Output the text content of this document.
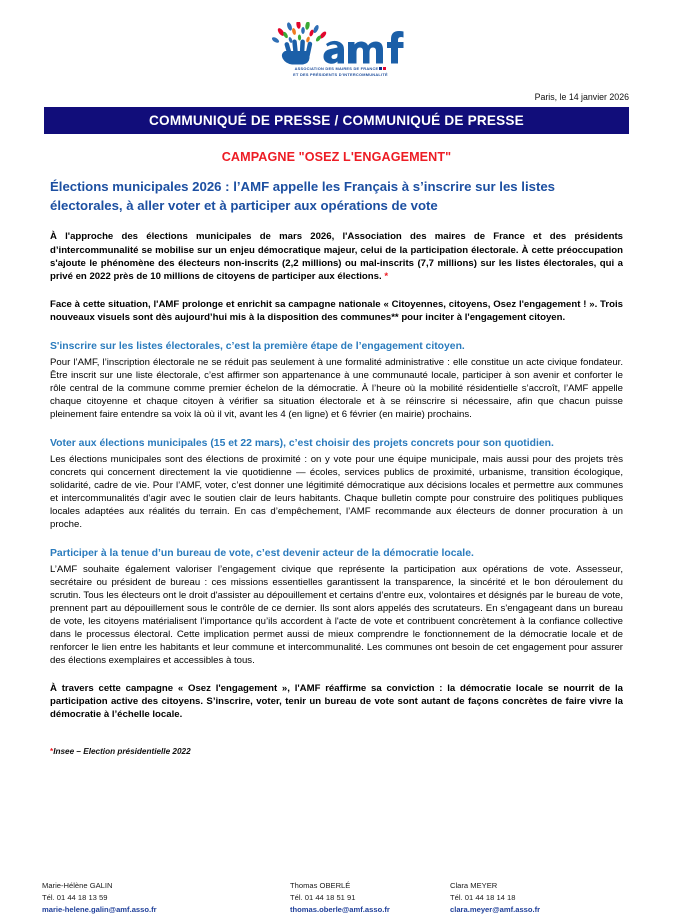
ASSOCIATION DES MAIRES DE FRANCE
ET DES PRÉSIDENTS D'INTERCOMMUNALITÉ
Paris, le 14 janvier 2026
COMMUNIQUÉ DE PRESSE / COMMUNIQUÉ DE PRESSE
CAMPAGNE "OSEZ L'ENGAGEMENT"
Élections municipales 2026 : l’AMF appelle les Français à s’inscrire sur les listes électorales, à aller voter et à participer aux opérations de vote

À l'approche des élections municipales de mars 2026, l'Association des maires de France et des présidents d’intercommunalité se mobilise sur un enjeu démocratique majeur, celui de la participation électorale. À cette préoccupation s'ajoute le phénomène des électeurs non-inscrits (2,2 millions) ou mal-inscrits (7,7 millions) sur les listes électorales, qui a privé en 2022 près de 10 millions de citoyens de participer aux élections. *

Face à cette situation, l'AMF prolonge et enrichit sa campagne nationale « Citoyennes, citoyens, Osez l'engagement ! ». Trois nouveaux visuels sont dès aujourd’hui mis à la disposition des communes** pour inciter à l'engagement citoyen.

S'inscrire sur les listes électorales, c’est la première étape de l’engagement citoyen.

Pour l’AMF, l’inscription électorale ne se réduit pas seulement à une formalité administrative : elle constitue un acte civique fondateur. Être inscrit sur une liste électorale, c’est affirmer son appartenance à une communauté locale, participer à son avenir et conforter le rôle central de la commune comme premier échelon de la démocratie. À l’heure où la mobilité résidentielle s’accroît, l’AMF appelle chaque citoyenne et chaque citoyen à vérifier sa situation électorale et à se réinscrire si nécessaire, afin que chacun puisse pleinement faire entendre sa voix là où il vit, avant les 4 (en ligne) et 6 février (en mairie) prochains.

Voter aux élections municipales (15 et 22 mars), c’est choisir des projets concrets pour son quotidien.

Les élections municipales sont des élections de proximité : on y vote pour une équipe municipale, mais aussi pour des projets très concrets qui concernent directement la vie quotidienne — écoles, services publics de proximité, urbanisme, transition écologique, solidarité, cadre de vie. Pour l’AMF, voter, c’est donner une légitimité démocratique aux décisions locales et permettre aux communes et intercommunalités d’agir avec le soutien clair de leurs habitants. Chaque bulletin compte pour construire des politiques publiques locales adaptées aux réalités du terrain. En cas d’empêchement, l’AMF recommande aux électeurs de donner procuration à un proche.

Participer à la tenue d’un bureau de vote, c’est devenir acteur de la démocratie locale.

L’AMF souhaite également valoriser l’engagement civique que représente la participation aux opérations de vote. Assesseur, secrétaire ou président de bureau : ces missions essentielles garantissent la transparence, la sincérité et le bon déroulement du scrutin. Tous les électeurs ont le droit d'assister au dépouillement et certains d’entre eux, volontaires et désignés par le bureau de vote, prennent part au dépouillement sous le contrôle de ce dernier. Ils sont alors appelés des scrutateurs. En s'engageant dans un bureau de vote, les citoyens matérialisent l’importance qu’ils accordent à l'acte de vote et contribuent concrètement à la confiance collective dans le processus électoral. Cette implication permet aussi de mieux comprendre le fonctionnement de la démocratie locale et de renforcer le lien entre les habitants et leur commune et intercommunalité. Les communes ont besoin de cet engagement pour assurer des élections exemplaires et accessibles à tous.

À travers cette campagne « Osez l'engagement », l'AMF réaffirme sa conviction : la démocratie locale se nourrit de la participation active des citoyens. S’inscrire, voter, tenir un bureau de vote sont autant de façons concrètes de faire vivre la démocratie à l’échelle locale.

*Insee – Election présidentielle 2022
Marie-Hélène GALIN
Tél. 01 44 18 13 59
marie-helene.galin@amf.asso.fr
Thomas OBERLÉ
Tél. 01 44 18 51 91
thomas.oberle@amf.asso.fr
Clara MEYER
Tél. 01 44 18 14 18
clara.meyer@amf.asso.fr
